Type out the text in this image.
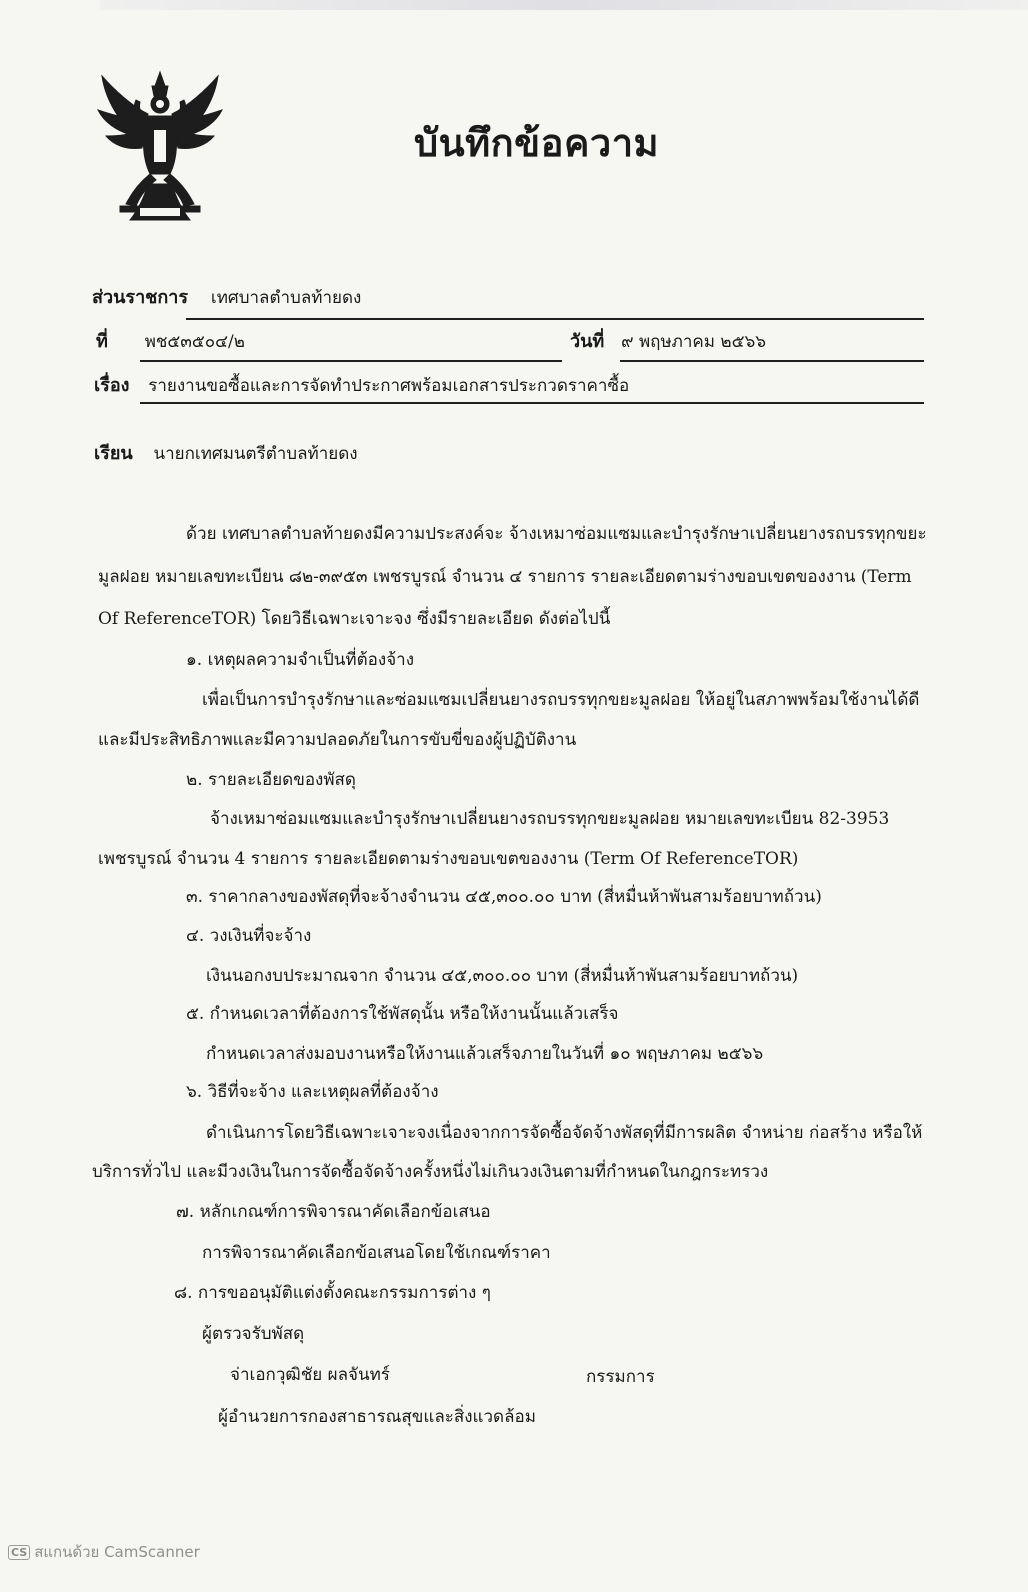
บันทึกข้อความ
ส่วนราชการ เทศบาลตำบลท้ายดง
ที่ พช๕๓๕๐๔/๒	วันที่ ๙ พฤษภาคม ๒๕๖๖
เรื่อง รายงานขอซื้อและการจัดทำประกาศพร้อมเอกสารประกวดราคาซื้อ
เรียน นายกเทศมนตรีตำบลท้ายดง
ด้วย เทศบาลตำบลท้ายดงมีความประสงค์จะ จ้างเหมาซ่อมแซมและบำรุงรักษาเปลี่ยนยางรถบรรทุกขยะ
มูลฝอย หมายเลขทะเบียน ๘๒-๓๙๕๓ เพชรบูรณ์ จำนวน ๔ รายการ รายละเอียดตามร่างขอบเขตของงาน (Term
Of ReferenceTOR) โดยวิธีเฉพาะเจาะจง ซึ่งมีรายละเอียด ดังต่อไปนี้
๑. เหตุผลความจำเป็นที่ต้องจ้าง
เพื่อเป็นการบำรุงรักษาและซ่อมแซมเปลี่ยนยางรถบรรทุกขยะมูลฝอย ให้อยู่ในสภาพพร้อมใช้งานได้ดี
และมีประสิทธิภาพและมีความปลอดภัยในการขับขี่ของผู้ปฏิบัติงาน
๒. รายละเอียดของพัสดุ
จ้างเหมาซ่อมแซมและบำรุงรักษาเปลี่ยนยางรถบรรทุกขยะมูลฝอย หมายเลขทะเบียน 82-3953
เพชรบูรณ์ จำนวน 4 รายการ รายละเอียดตามร่างขอบเขตของงาน (Term Of ReferenceTOR)
๓. ราคากลางของพัสดุที่จะจ้างจำนวน ๔๕,๓๐๐.๐๐ บาท (สี่หมื่นห้าพันสามร้อยบาทถ้วน)
๔. วงเงินที่จะจ้าง
เงินนอกงบประมาณจาก จำนวน ๔๕,๓๐๐.๐๐ บาท (สี่หมื่นห้าพันสามร้อยบาทถ้วน)
๕. กำหนดเวลาที่ต้องการใช้พัสดุนั้น หรือให้งานนั้นแล้วเสร็จ
กำหนดเวลาส่งมอบงานหรือให้งานแล้วเสร็จภายในวันที่ ๑๐ พฤษภาคม ๒๕๖๖
๖. วิธีที่จะจ้าง และเหตุผลที่ต้องจ้าง
ดำเนินการโดยวิธีเฉพาะเจาะจงเนื่องจากการจัดซื้อจัดจ้างพัสดุที่มีการผลิต จำหน่าย ก่อสร้าง หรือให้
บริการทั่วไป และมีวงเงินในการจัดซื้อจัดจ้างครั้งหนึ่งไม่เกินวงเงินตามที่กำหนดในกฎกระทรวง
๗. หลักเกณฑ์การพิจารณาคัดเลือกข้อเสนอ
การพิจารณาคัดเลือกข้อเสนอโดยใช้เกณฑ์ราคา
๘. การขออนุมัติแต่งตั้งคณะกรรมการต่าง ๆ
ผู้ตรวจรับพัสดุ
จ่าเอกวุฒิชัย ผลจันทร์	กรรมการ
ผู้อำนวยการกองสาธารณสุขและสิ่งแวดล้อม
CS สแกนด้วย CamScanner
